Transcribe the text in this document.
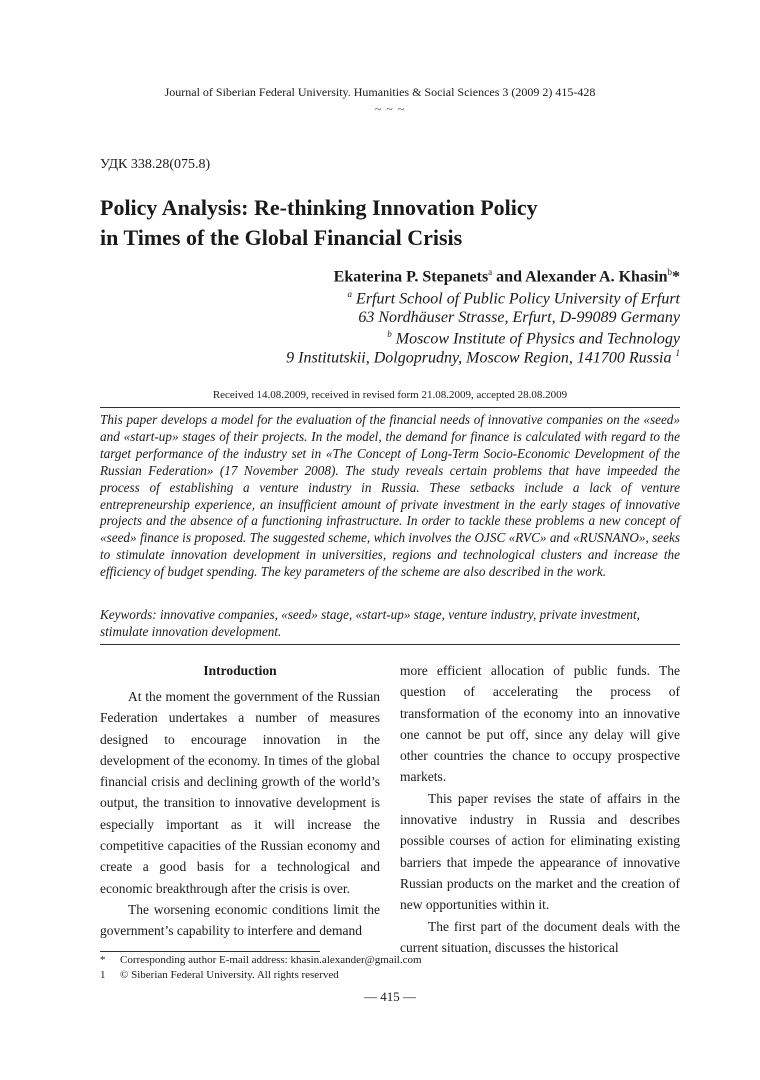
Journal of Siberian Federal University. Humanities & Social Sciences 3 (2009 2) 415-428
~ ~ ~
УДК 338.28(075.8)
Policy Analysis: Re-thinking Innovation Policy
in Times of the Global Financial Crisis
Ekaterina P. Stepanets$^a$ and Alexander A. Khasin$^b$*
$^a$ Erfurt School of Public Policy University of Erfurt
63 Nordhäuser Strasse, Erfurt, D-99089 Germany
$^b$ Moscow Institute of Physics and Technology
9 Institutskii, Dolgoprudny, Moscow Region, 141700 Russia $^1$
Received 14.08.2009, received in revised form 21.08.2009, accepted 28.08.2009

This paper develops a model for the evaluation of the financial needs of innovative companies on the «seed» and «start-up» stages of their projects. In the model, the demand for finance is calculated with regard to the target performance of the industry set in «The Concept of Long-Term Socio-Economic Development of the Russian Federation» (17 November 2008). The study reveals certain problems that have impeeded the process of establishing a venture industry in Russia. These setbacks include a lack of venture entrepreneurship experience, an insufficient amount of private investment in the early stages of innovative projects and the absence of a functioning infrastructure. In order to tackle these problems a new concept of «seed» finance is proposed. The suggested scheme, which involves the OJSC «RVC» and «RUSNANO», seeks to stimulate innovation development in universities, regions and technological clusters and increase the efficiency of budget spending. The key parameters of the scheme are also described in the work.

Keywords: innovative companies, «seed» stage, «start-up» stage, venture industry, private investment, stimulate innovation development.

Introduction

At the moment the government of the Russian Federation undertakes a number of measures designed to encourage innovation in the development of the economy. In times of the global financial crisis and declining growth of the world’s output, the transition to innovative development is especially important as it will increase the competitive capacities of the Russian economy and create a good basis for a technological and economic breakthrough after the crisis is over.

The worsening economic conditions limit the government’s capability to interfere and demand

more efficient allocation of public funds. The question of accelerating the process of transformation of the economy into an innovative one cannot be put off, since any delay will give other countries the chance to occupy prospective markets.

This paper revises the state of affairs in the innovative industry in Russia and describes possible courses of action for eliminating existing barriers that impede the appearance of innovative Russian products on the market and the creation of new opportunities within it.

The first part of the document deals with the current situation, discusses the historical

*	Corresponding author E-mail address: khasin.alexander@gmail.com
1	© Siberian Federal University. All rights reserved
— 415 —
